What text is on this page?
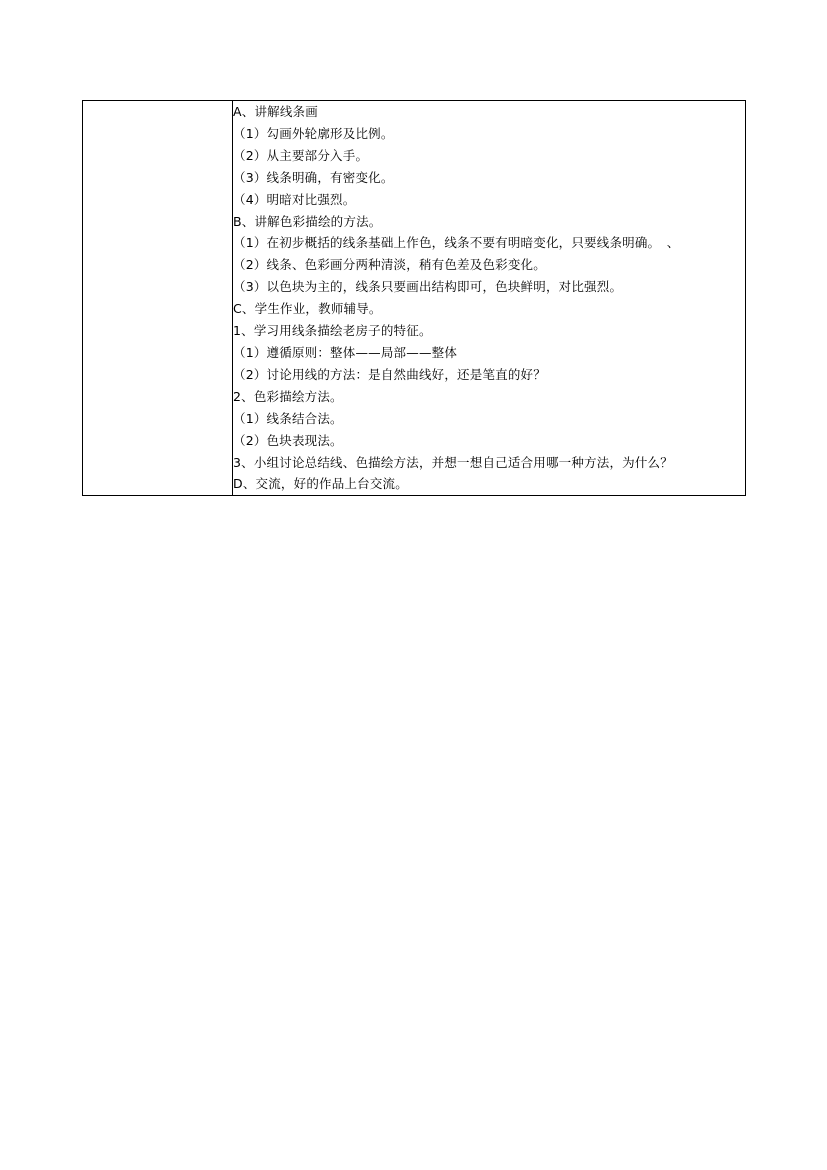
A、讲解线条画
（1）勾画外轮廓形及比例。
（2）从主要部分入手。
（3）线条明确，有密变化。
（4）明暗对比强烈。
B、讲解色彩描绘的方法。
（1）在初步概括的线条基础上作色，线条不要有明暗变化，只要线条明确。　、
（2）线条、色彩画分两种清淡，稍有色差及色彩变化。
（3）以色块为主的，线条只要画出结构即可，色块鲜明，对比强烈。
C、学生作业，教师辅导。
1、学习用线条描绘老房子的特征。
（1）遵循原则：整体——局部——整体
（2）讨论用线的方法：是自然曲线好，还是笔直的好？
2、色彩描绘方法。
（1）线条结合法。
（2）色块表现法。
3、小组讨论总结线、色描绘方法，并想一想自己适合用哪一种方法，为什么？
D、交流，好的作品上台交流。
